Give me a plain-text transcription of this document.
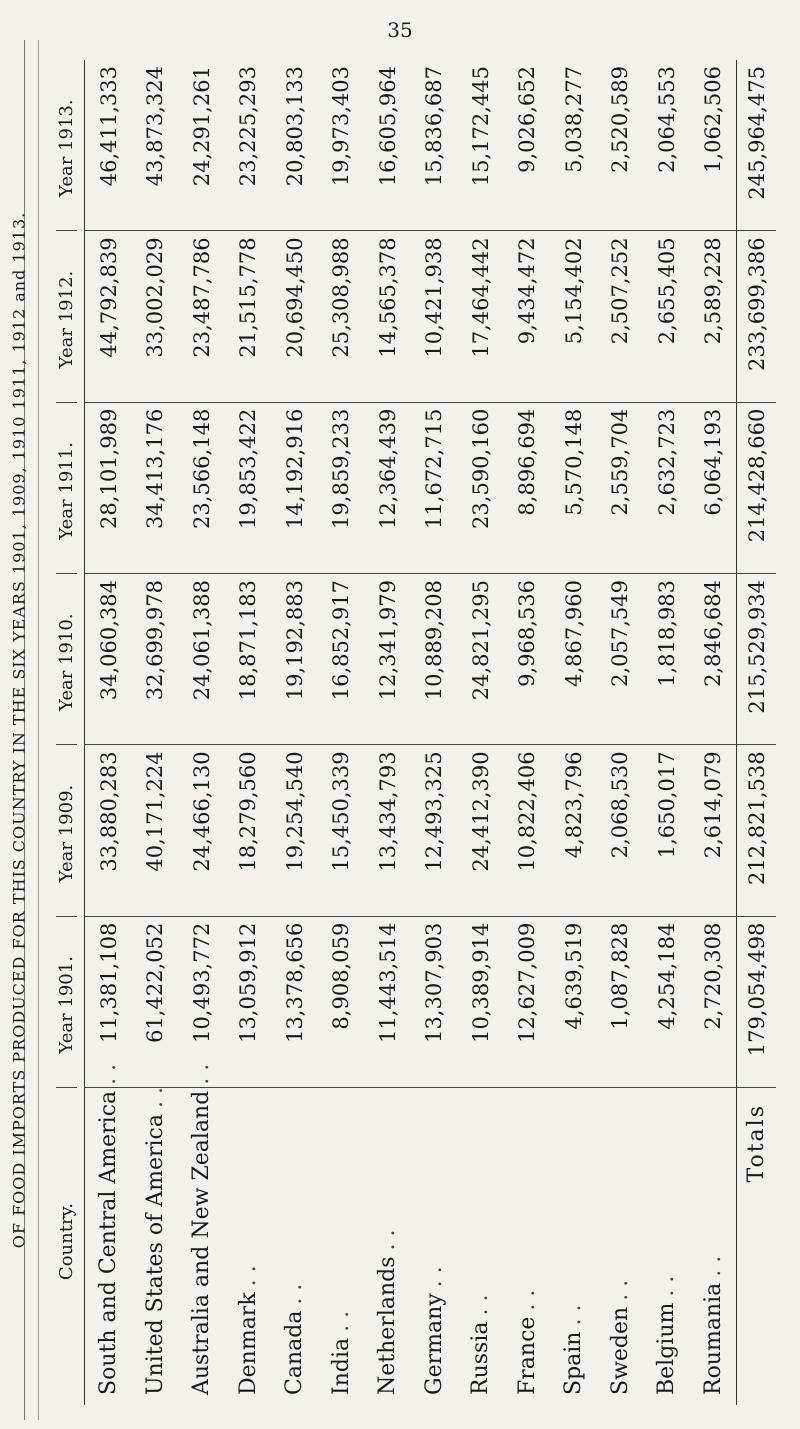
35
OF FOOD IMPORTS PRODUCED FOR THIS COUNTRY IN THE SIX YEARS 1901, 1909, 1910 1911, 1912 and 1913. Country.
Year 1901.
Year 1909.
Year 1910.
Year 1911.
Year 1912.
Year 1913.
South and Central America
. .
11,381,108
33,880,283
34,060,384
28,101,989
44,792,839
46,411,333
United States of America
. .
61,422,052
40,171,224
32,699,978
34,413,176
33,002,029
43,873,324
Australia and New Zealand
. .
10,493,772
24,466,130
24,061,388
23,566,148
23,487,786
24,291,261
Denmark
. .
13,059,912
18,279,560
18,871,183
19,853,422
21,515,778
23,225,293
Canada
. .
13,378,656
19,254,540
19,192,883
14,192,916
20,694,450
20,803,133
India
. .
8,908,059
15,450,339
16,852,917
19,859,233
25,308,988
19,973,403
Netherlands
. .
11,443,514
13,434,793
12,341,979
12,364,439
14,565,378
16,605,964
Germany
. .
13,307,903
12,493,325
10,889,208
11,672,715
10,421,938
15,836,687
Russia
. .
10,389,914
24,412,390
24,821,295
23,590,160
17,464,442
15,172,445
France
. .
12,627,009
10,822,406
9,968,536
8,896,694
9,434,472
9,026,652
Spain
. .
4,639,519
4,823,796
4,867,960
5,570,148
5,154,402
5,038,277
Sweden
. .
1,087,828
2,068,530
2,057,549
2,559,704
2,507,252
2,520,589
Belgium
. .
4,254,184
1,650,017
1,818,983
2,632,723
2,655,405
2,064,553
Roumania
. .
2,720,308
2,614,079
2,846,684
6,064,193
2,589,228
1,062,506
Totals
179,054,498
212,821,538
215,529,934
214,428,660
233,699,386
245,964,475
